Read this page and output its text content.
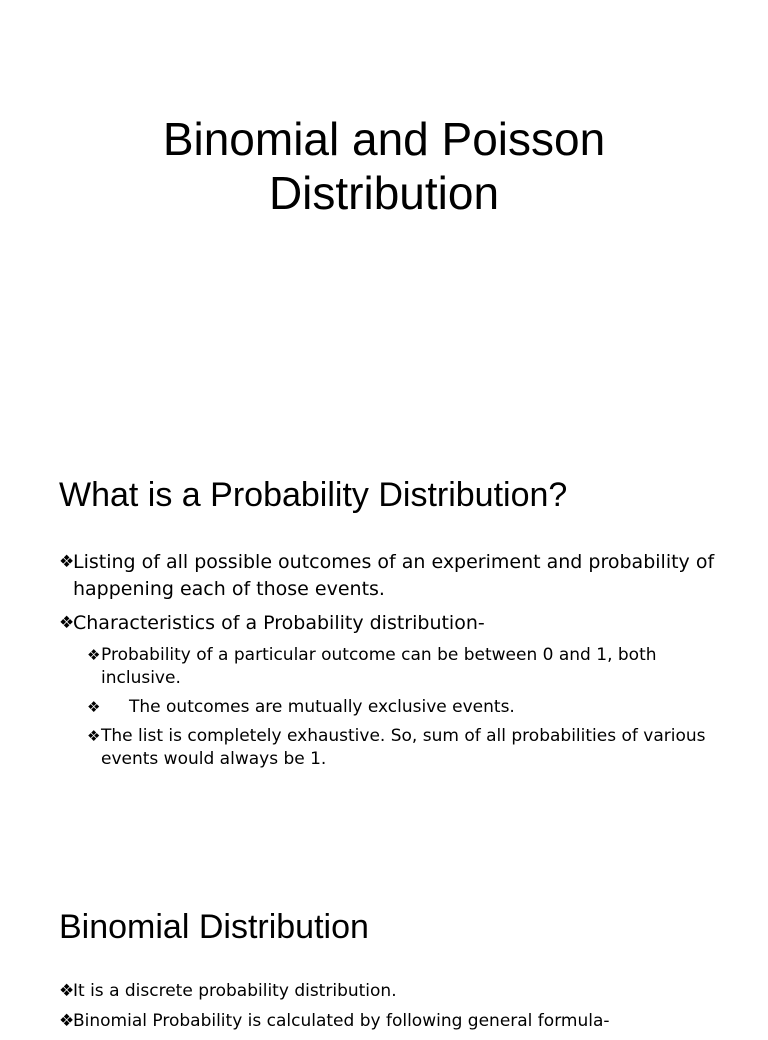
Binomial and Poisson
Distribution
What is a Probability Distribution?
❖ Listing of all possible outcomes of an experiment and probability of happening each of those events.
❖ Characteristics of a Probability distribution-
❖ Probability of a particular outcome can be between 0 and 1, both inclusive.
❖ The outcomes are mutually exclusive events.
❖ The list is completely exhaustive. So, sum of all probabilities of various events would always be 1.
Binomial Distribution
❖ It is a discrete probability distribution.
❖ Binomial Probability is calculated by following general formula-
